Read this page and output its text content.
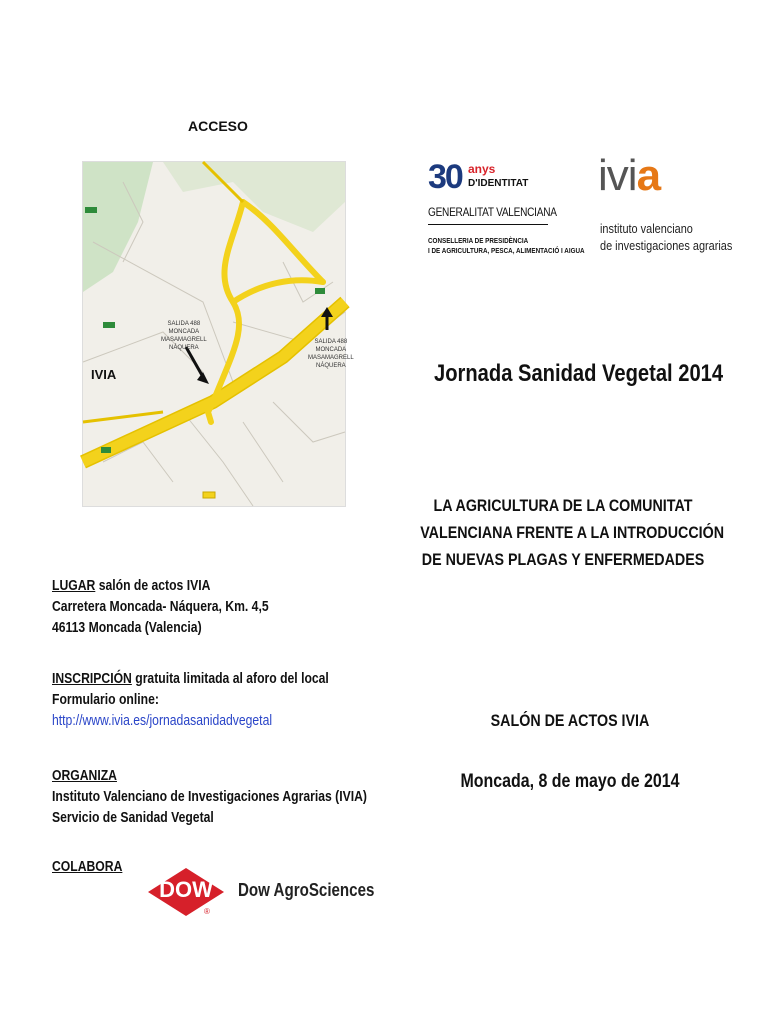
ACCESO
IVIA
SALIDA 488
MONCADA
MASAMAGRELL
NÁQUERA
SALIDA 488
MONCADA
MASAMAGRELL
NÁQUERA
30 anys
D'IDENTITAT
GENERALITAT VALENCIANA
CONSELLERIA DE PRESIDÈNCIA
I DE AGRICULTURA, PESCA, ALIMENTACIÓ I AIGUA
ivia
instituto valenciano
de investigaciones agrarias
Jornada Sanidad Vegetal 2014
LA AGRICULTURA DE LA COMUNITAT
VALENCIANA FRENTE A LA INTRODUCCIÓN
DE NUEVAS PLAGAS Y ENFERMEDADES
SALÓN DE ACTOS IVIA
Moncada, 8 de mayo de 2014
LUGAR salón de actos IVIA
Carretera Moncada- Náquera, Km. 4,5
46113 Moncada (Valencia)
INSCRIPCIÓN gratuita limitada al aforo del local
Formulario online:
http://www.ivia.es/jornadasanidadvegetal
ORGANIZA
Instituto Valenciano de Investigaciones Agrarias (IVIA)
Servicio de Sanidad Vegetal
COLABORA
DOW
®
Dow AgroSciences
